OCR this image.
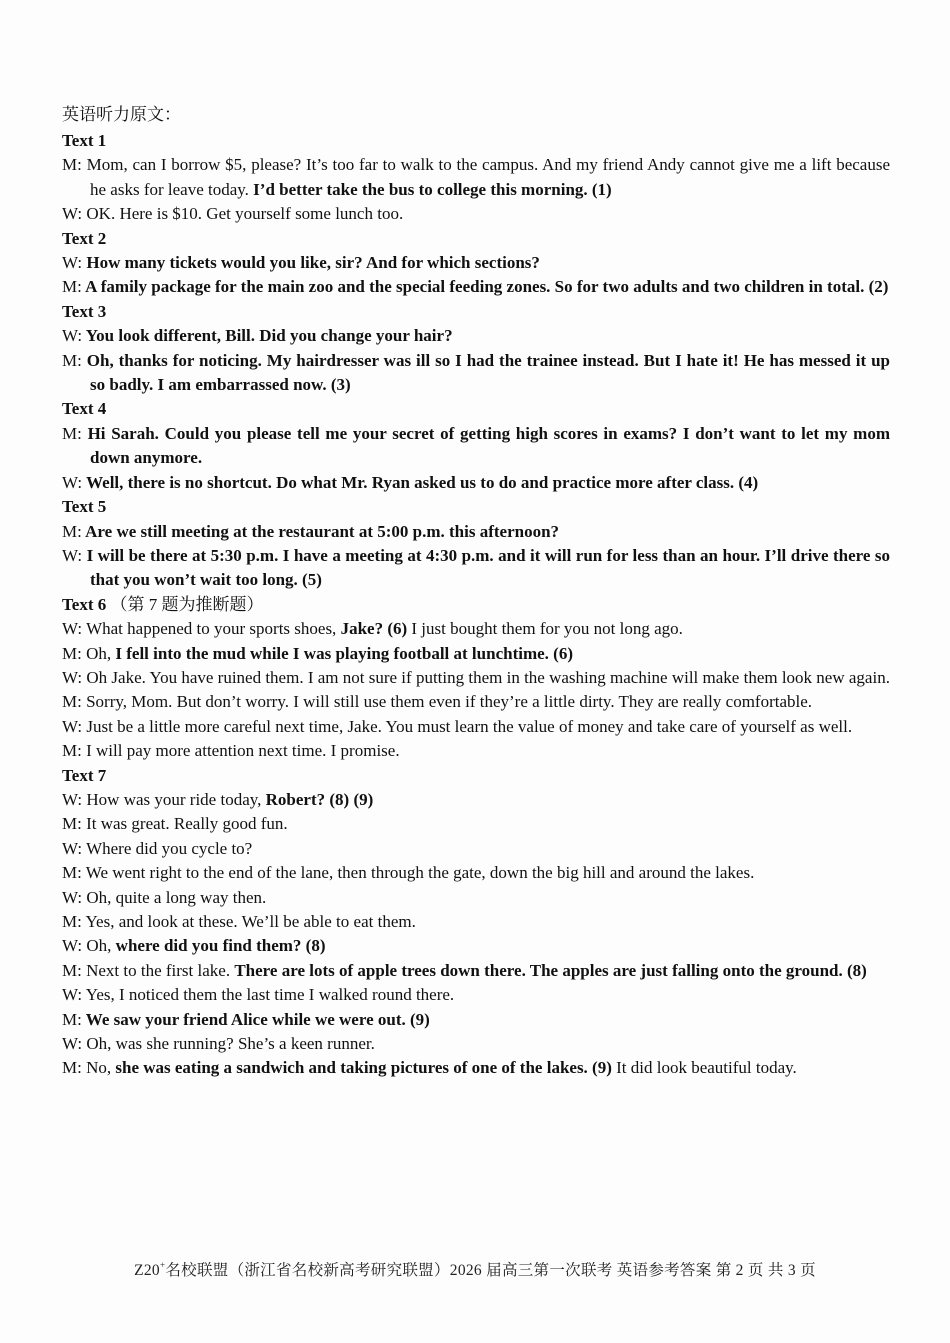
英语听力原文：
Text 1
M: Mom, can I borrow $5, please? It’s too far to walk to the campus. And my friend Andy cannot give me a lift because he asks for leave today. I’d better take the bus to college this morning. (1)
W: OK. Here is $10. Get yourself some lunch too.
Text 2
W: How many tickets would you like, sir? And for which sections?
M: A family package for the main zoo and the special feeding zones. So for two adults and two children in total. (2)
Text 3
W: You look different, Bill. Did you change your hair?
M: Oh, thanks for noticing. My hairdresser was ill so I had the trainee instead. But I hate it! He has messed it up so badly. I am embarrassed now. (3)
Text 4
M: Hi Sarah. Could you please tell me your secret of getting high scores in exams? I don’t want to let my mom down anymore.
W: Well, there is no shortcut. Do what Mr. Ryan asked us to do and practice more after class. (4)
Text 5
M: Are we still meeting at the restaurant at 5:00 p.m. this afternoon?
W: I will be there at 5:30 p.m. I have a meeting at 4:30 p.m. and it will run for less than an hour. I’ll drive there so that you won’t wait too long. (5)
Text 6 （第 7 题为推断题）
W: What happened to your sports shoes, Jake? (6) I just bought them for you not long ago.
M: Oh, I fell into the mud while I was playing football at lunchtime. (6)
W: Oh Jake. You have ruined them. I am not sure if putting them in the washing machine will make them look new again.
M: Sorry, Mom. But don’t worry. I will still use them even if they’re a little dirty. They are really comfortable.
W: Just be a little more careful next time, Jake. You must learn the value of money and take care of yourself as well.
M: I will pay more attention next time. I promise.
Text 7
W: How was your ride today, Robert? (8) (9)
M: It was great. Really good fun.
W: Where did you cycle to?
M: We went right to the end of the lane, then through the gate, down the big hill and around the lakes.
W: Oh, quite a long way then.
M: Yes, and look at these. We’ll be able to eat them.
W: Oh, where did you find them? (8)
M: Next to the first lake. There are lots of apple trees down there. The apples are just falling onto the ground. (8)
W: Yes, I noticed them the last time I walked round there.
M: We saw your friend Alice while we were out. (9)
W: Oh, was she running? She’s a keen runner.
M: No, she was eating a sandwich and taking pictures of one of the lakes. (9) It did look beautiful today.
Z20+名校联盟（浙江省名校新高考研究联盟）2026 届高三第一次联考 英语参考答案 第 2 页 共 3 页
